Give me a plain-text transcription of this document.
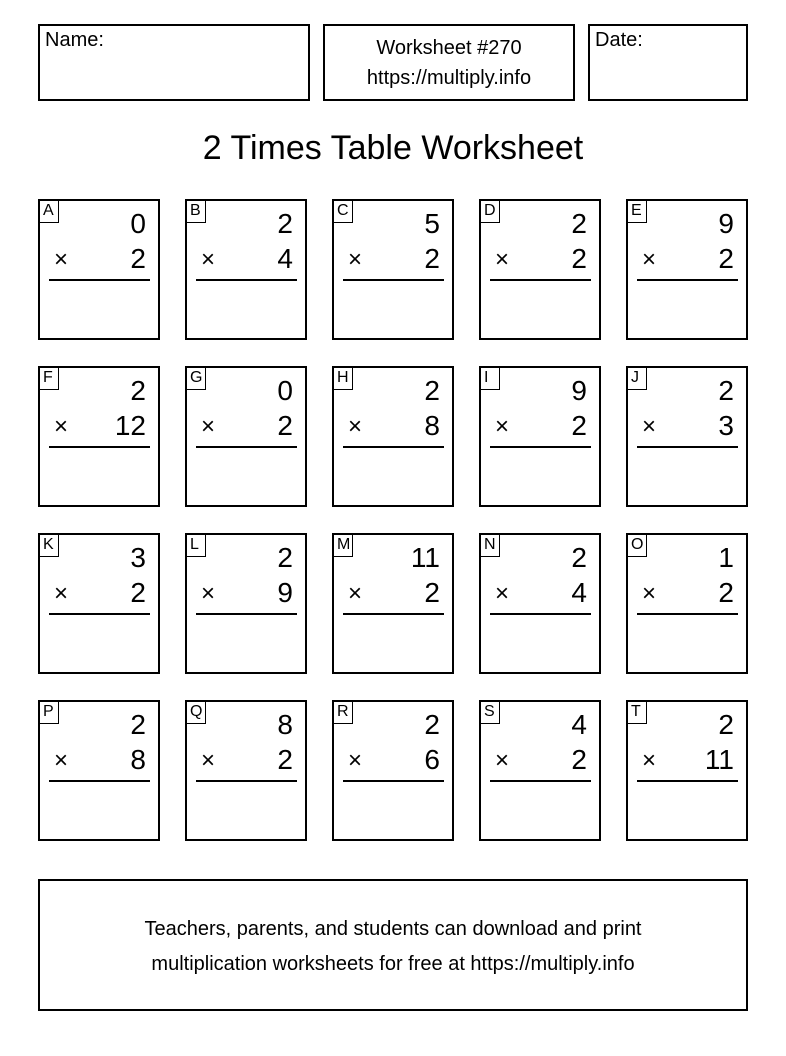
Name:	Worksheet #270
https://multiply.info
Date:
2 Times Table Worksheet
A	0
× 2
B	2
× 4
C	5
× 2
D	2
× 2
E	9
× 2
F	2
× 12
G	0
× 2
H	2
× 8
I	9
× 2
J	2
× 3
K	3
× 2
L	2
× 9
M 11
× 2
N	2
× 4
O	1
× 2
P	2
× 8
Q	8
× 2
R	2
× 6
S	4
× 2
T	2
× 11
Teachers, parents, and students can download and print
multiplication worksheets for free at https://multiply.info
